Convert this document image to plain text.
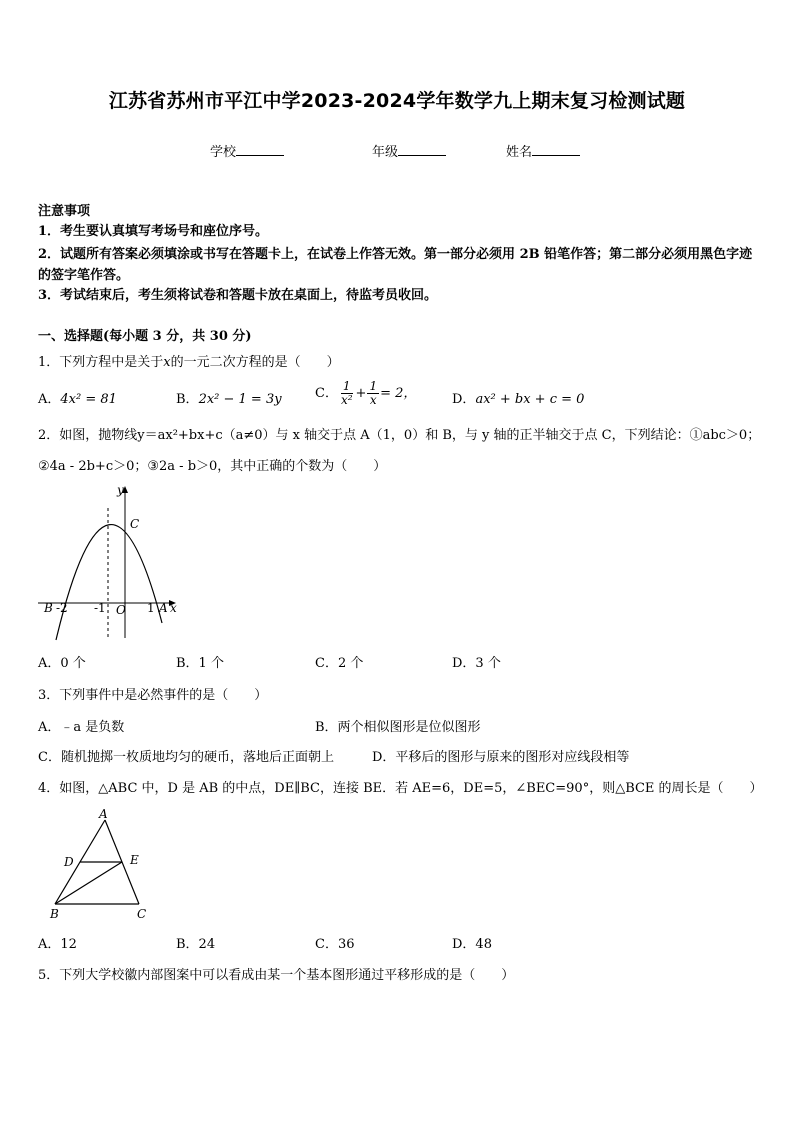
江苏省苏州市平江中学2023-2024学年数学九上期末复习检测试题
学校	年级	姓名
注意事项
1．考生要认真填写考场号和座位序号。
2．试题所有答案必须填涂或书写在答题卡上，在试卷上作答无效。第一部分必须用 2B 铅笔作答；第二部分必须用黑色字迹的签字笔作答。
3．考试结束后，考生须将试卷和答题卡放在桌面上，待监考员收回。
一、选择题(每小题 3 分，共 30 分)
1．下列方程中是关于x的一元二次方程的是（　　）
A．4x² = 81	B．2x² − 1 = 3y	C． $\frac{1}{\text{x²}} + \frac{1}{x} = 2$，	D．ax² + bx + c = 0
2．如图，抛物线y＝ax²+bx+c（a≠0）与 x 轴交于点 A（1，0）和 B，与 y 轴的正半轴交于点 C，下列结论：①abc＞0；
②4a - 2b+c＞0；③2a - b＞0，其中正确的个数为（　　）
y
x
C
O
B -2 -1	1 A
A．0 个	B．1 个	C．2 个	D．3 个
3．下列事件中是必然事件的是（　　）
A．﹣a 是负数	B．两个相似图形是位似图形
C．随机抛掷一枚质地均匀的硬币，落地后正面朝上	D．平移后的图形与原来的图形对应线段相等
4．如图，△ABC 中，D 是 AB 的中点，DE∥BC，连接 BE．若 AE=6，DE=5，∠BEC=90°，则△BCE 的周长是（　　）
A
B	C
D	E
A．12	B．24	C．36	D．48
5．下列大学校徽内部图案中可以看成由某一个基本图形通过平移形成的是（　　）
